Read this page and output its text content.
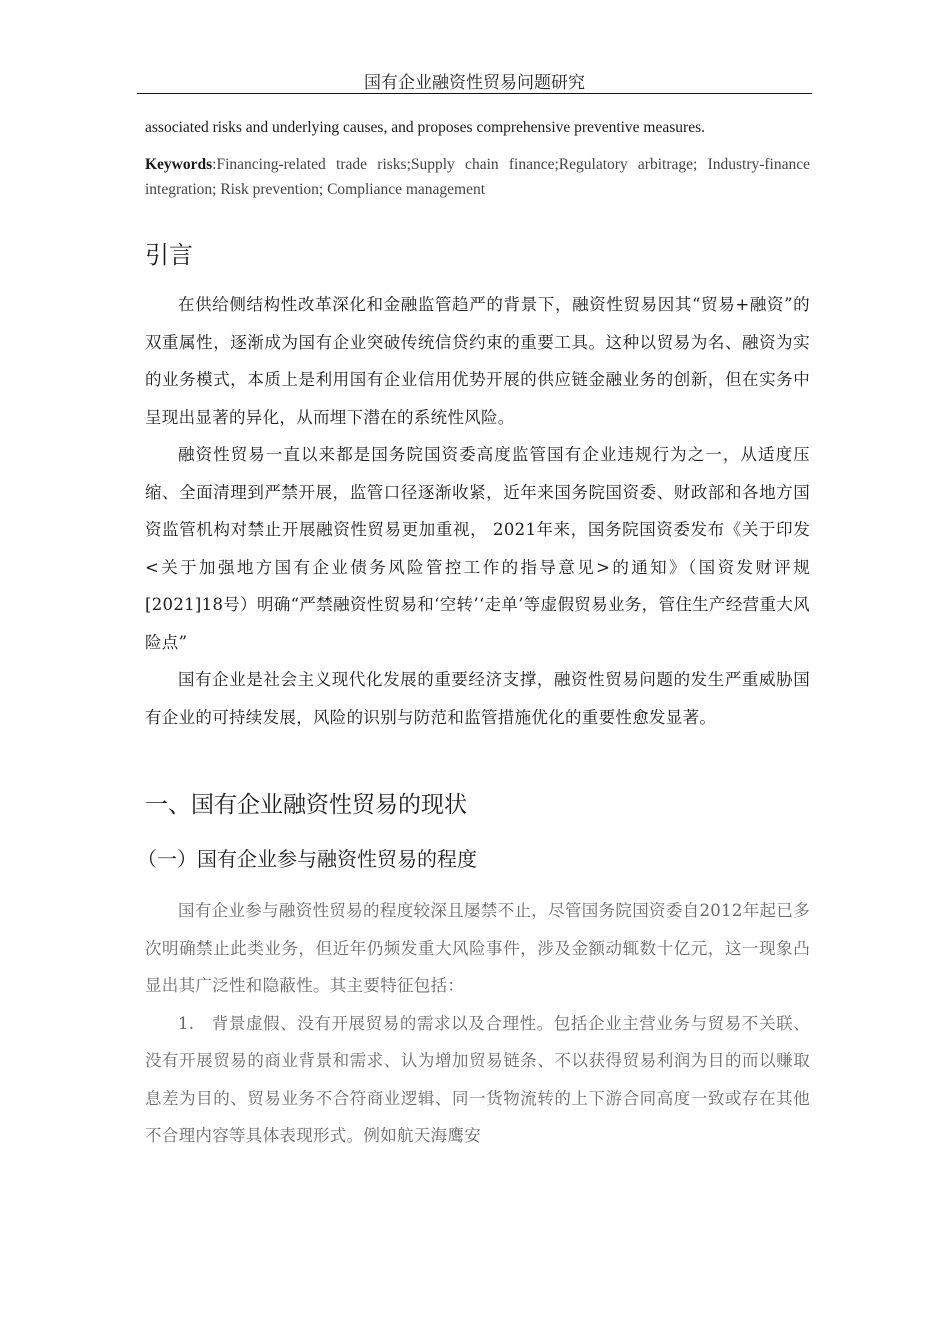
国有企业融资性贸易问题研究

associated risks and underlying causes, and proposes comprehensive preventive measures.

Keywords:Financing-related trade risks;Supply chain finance;Regulatory arbitrage; Industry-finance integration; Risk prevention; Compliance management

引言

在供给侧结构性改革深化和金融监管趋严的背景下，融资性贸易因其“贸易+融资”的双重属性，逐渐成为国有企业突破传统信贷约束的重要工具。这种以贸易为名、融资为实的业务模式，本质上是利用国有企业信用优势开展的供应链金融业务的创新，但在实务中呈现出显著的异化，从而埋下潜在的系统性风险。

融资性贸易一直以来都是国务院国资委高度监管国有企业违规行为之一，从适度压缩、全面清理到严禁开展，监管口径逐渐收紧，近年来国务院国资委、财政部和各地方国资监管机构对禁止开展融资性贸易更加重视， 2021年来，国务院国资委发布《关于印发<关于加强地方国有企业债务风险管控工作的指导意见>的通知》（国资发财评规[2021]18号）明确“严禁融资性贸易和‘空转’‘走单’等虚假贸易业务，管住生产经营重大风险点”

国有企业是社会主义现代化发展的重要经济支撑，融资性贸易问题的发生严重威胁国有企业的可持续发展，风险的识别与防范和监管措施优化的重要性愈发显著。

一、国有企业融资性贸易的现状
（一）国有企业参与融资性贸易的程度

国有企业参与融资性贸易的程度较深且屡禁不止，尽管国务院国资委自2012年起已多次明确禁止此类业务，但近年仍频发重大风险事件，涉及金额动辄数十亿元，这一现象凸显出其广泛性和隐蔽性。其主要特征包括：

1.　背景虚假、没有开展贸易的需求以及合理性。包括企业主营业务与贸易不关联、没有开展贸易的商业背景和需求、认为增加贸易链条、不以获得贸易利润为目的而以赚取息差为目的、贸易业务不合符商业逻辑、同一货物流转的上下游合同高度一致或存在其他不合理内容等具体表现形式。例如航天海鹰安
